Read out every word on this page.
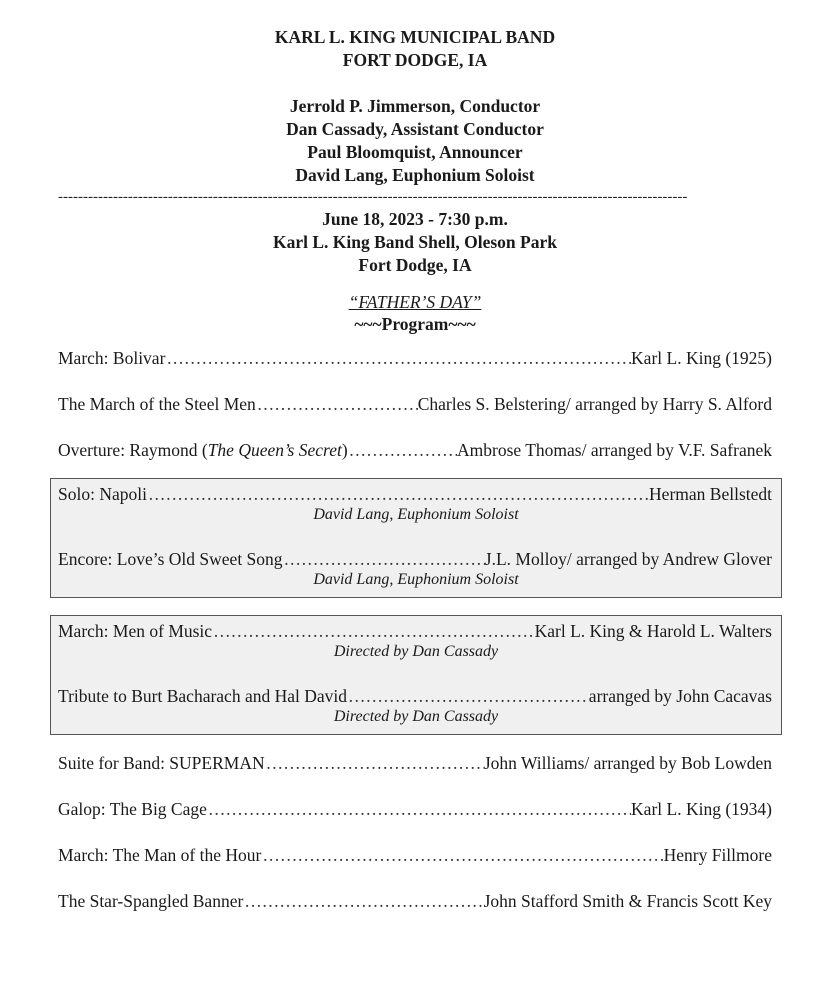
KARL L. KING MUNICIPAL BAND
FORT DODGE, IA
Jerrold P. Jimmerson, Conductor
Dan Cassady, Assistant Conductor
Paul Bloomquist, Announcer
David Lang, Euphonium Soloist
------------------------------------------------------------------------------------------------------------------------------
June 18, 2023 - 7:30 p.m.
Karl L. King Band Shell, Oleson Park
Fort Dodge, IA
“FATHER’S DAY”
~~~Program~~~
March: Bolivar ……………………………………………………………………………………………………………………………………	Karl L. King (1925)
The March of the Steel Men ……………………………………………………………………………………………………………………………………	Charles S. Belstering/ arranged by Harry S. Alford
Overture: Raymond (The Queen’s Secret) ……………………………………………………………………………………………………………………………………	Ambrose Thomas/ arranged by V.F. Safranek
Solo: Napoli ……………………………………………………………………………………………………………………………………	Herman Bellstedt
David Lang, Euphonium Soloist
Encore: Love’s Old Sweet Song ……………………………………………………………………………………………………………………………………	J.L. Molloy/ arranged by Andrew Glover
David Lang, Euphonium Soloist
March: Men of Music ……………………………………………………………………………………………………………………………………	Karl L. King & Harold L. Walters
Directed by Dan Cassady
Tribute to Burt Bacharach and Hal David ……………………………………………………………………………………………………………………………………	arranged by John Cacavas
Directed by Dan Cassady
Suite for Band: SUPERMAN ……………………………………………………………………………………………………………………………………	John Williams/ arranged by Bob Lowden
Galop: The Big Cage ……………………………………………………………………………………………………………………………………	Karl L. King (1934)
March: The Man of the Hour ……………………………………………………………………………………………………………………………………	Henry Fillmore
The Star-Spangled Banner ……………………………………………………………………………………………………………………………………	John Stafford Smith & Francis Scott Key
